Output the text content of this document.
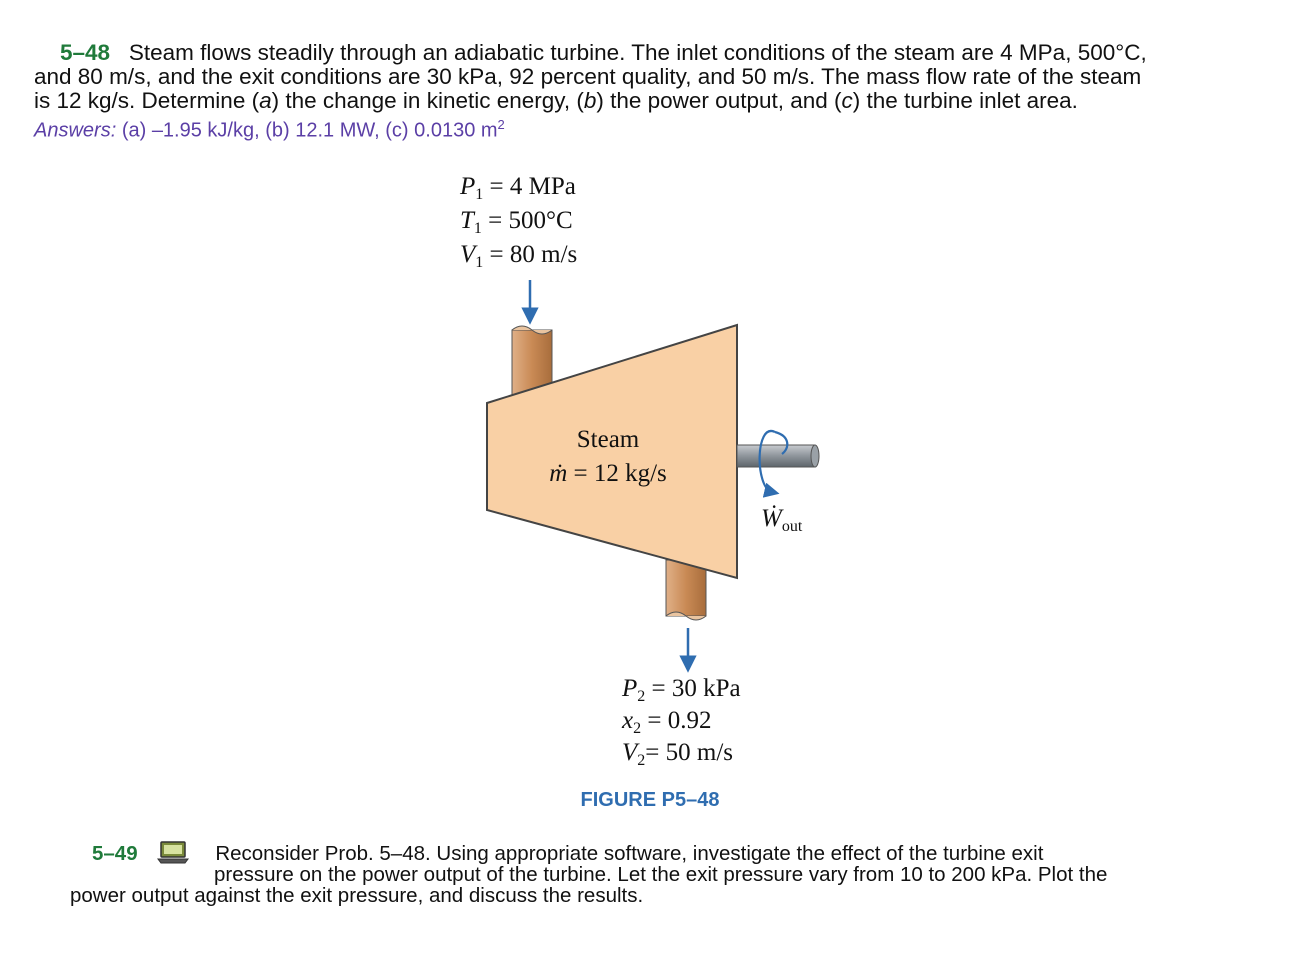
5–48 Steam flows steadily through an adiabatic turbine. The inlet conditions of the steam are 4 MPa, 500°C,
and 80 m/s, and the exit conditions are 30 kPa, 92 percent quality, and 50 m/s. The mass flow rate of the steam
is 12 kg/s. Determine (a) the change in kinetic energy, (b) the power output, and (c) the turbine inlet area.
Answers: (a) –1.95 kJ/kg, (b) 12.1 MW, (c) 0.0130 $m^2$
$P_1 = 4$ MPa
$T_1 = 500^\circ C$
$V_1 = 80$ m/s
Steam
ṁ = 12 kg/s
Ẇ$_{out}$
$P_2 = 30$ kPa
$x_2 = 0.92$
$V_2= 50$ m/s
FIGURE P5–48
5–49	Reconsider Prob. 5–48. Using appropriate software, investigate the effect of the turbine exit
pressure on the power output of the turbine. Let the exit pressure vary from 10 to 200 kPa. Plot the
power output against the exit pressure, and discuss the results.
